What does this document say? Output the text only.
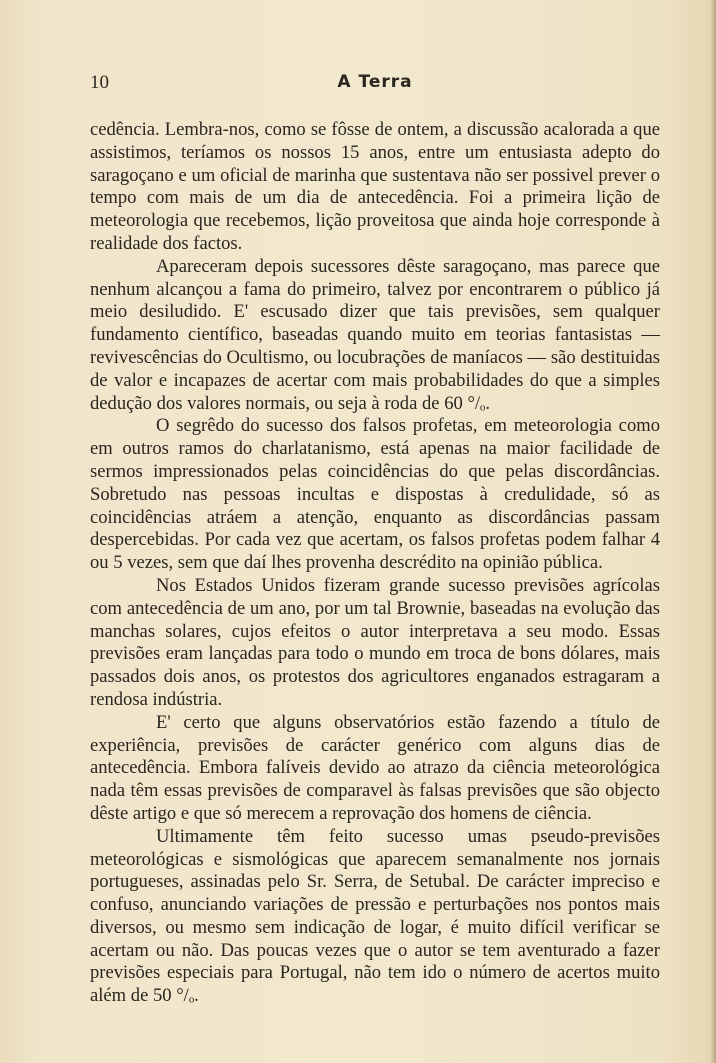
10	A Terra

cedência. Lembra-nos, como se fôsse de ontem, a discussão acalorada a que assistimos, teríamos os nossos 15 anos, entre um entusiasta adepto do saragoçano e um oficial de marinha que sustentava não ser possivel prever o tempo com mais de um dia de antecedência. Foi a primeira lição de meteorologia que recebemos, lição proveitosa que ainda hoje corresponde à realidade dos factos.

Apareceram depois sucessores dêste saragoçano, mas parece que nenhum alcançou a fama do primeiro, talvez por encontrarem o público já meio desiludido. E' escusado dizer que tais previsões, sem qualquer fundamento científico, baseadas quando muito em teorias fantasistas — revivescências do Ocultismo, ou locubrações de maníacos — são destituidas de valor e incapazes de acertar com mais probabilidades do que a simples dedução dos valores normais, ou seja à roda de 60 °/ₒ.

O segrêdo do sucesso dos falsos profetas, em meteorologia como em outros ramos do charlatanismo, está apenas na maior facilidade de sermos impressionados pelas coincidências do que pelas discordâncias. Sobretudo nas pessoas incultas e dispostas à credulidade, só as coincidências atráem a atenção, enquanto as discordâncias passam despercebidas. Por cada vez que acertam, os falsos profetas podem falhar 4 ou 5 vezes, sem que daí lhes provenha descrédito na opinião pública.

Nos Estados Unidos fizeram grande sucesso previsões agrícolas com antecedência de um ano, por um tal Brownie, baseadas na evolução das manchas solares, cujos efeitos o autor interpretava a seu modo. Essas previsões eram lançadas para todo o mundo em troca de bons dólares, mais passados dois anos, os protestos dos agricultores enganados estragaram a rendosa indústria.

E' certo que alguns observatórios estão fazendo a título de experiência, previsões de carácter genérico com alguns dias de antecedência. Embora falíveis devido ao atrazo da ciência meteorológica nada têm essas previsões de comparavel às falsas previsões que são objecto dêste artigo e que só merecem a reprovação dos homens de ciência.

Ultimamente têm feito sucesso umas pseudo-previsões meteorológicas e sismológicas que aparecem semanalmente nos jornais portugueses, assinadas pelo Sr. Serra, de Setubal. De carácter impreciso e confuso, anunciando variações de pressão e perturbações nos pontos mais diversos, ou mesmo sem indicação de logar, é muito difícil verificar se acertam ou não. Das poucas vezes que o autor se tem aventurado a fazer previsões especiais para Portugal, não tem ido o número de acertos muito além de 50 °/ₒ.
